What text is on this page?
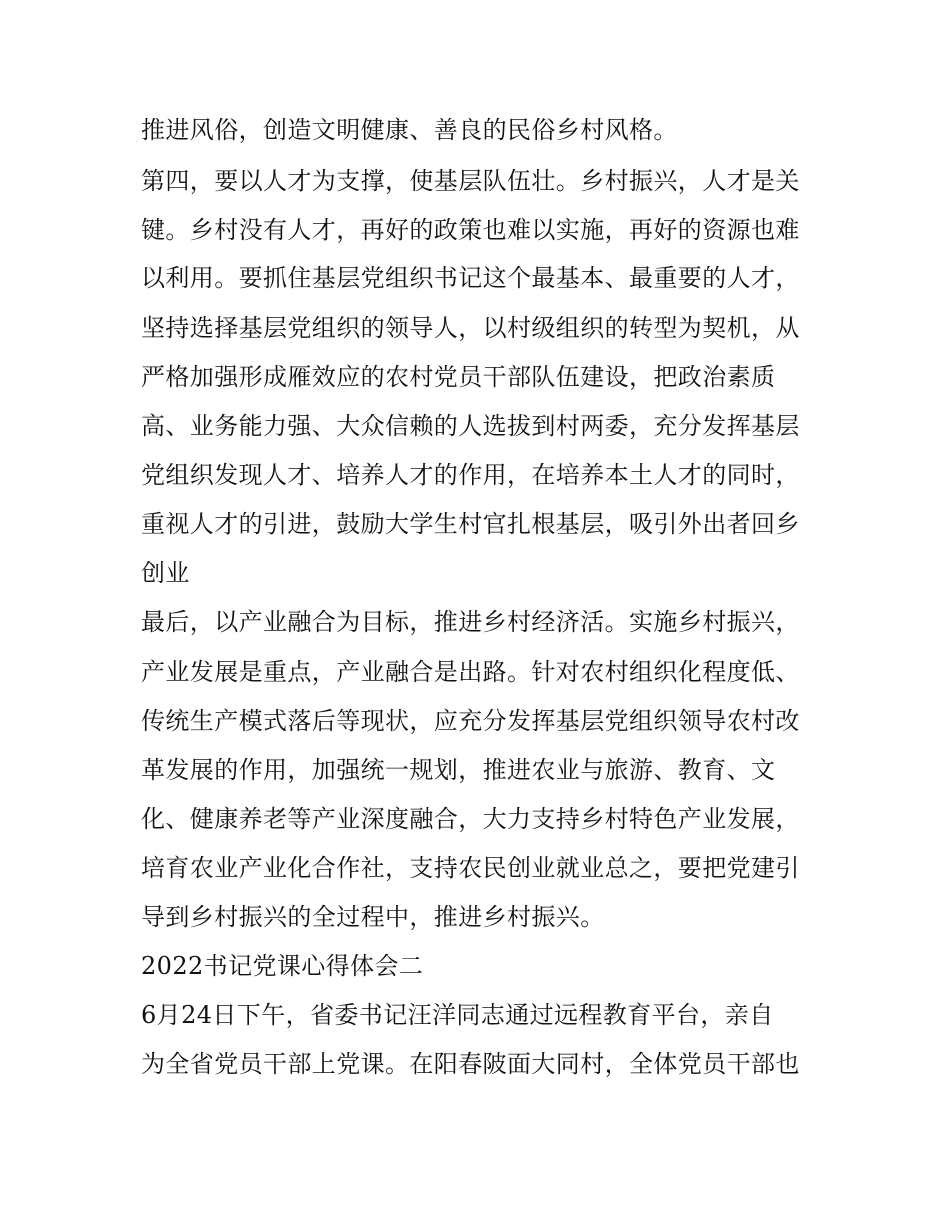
推进风俗，创造文明健康、善良的民俗乡村风格。

第四，要以人才为支撑，使基层队伍壮。乡村振兴，人才是关

键。乡村没有人才，再好的政策也难以实施，再好的资源也难

以利用。要抓住基层党组织书记这个最基本、最重要的人才，

坚持选择基层党组织的领导人，以村级组织的转型为契机，从

严格加强形成雁效应的农村党员干部队伍建设，把政治素质

高、业务能力强、大众信赖的人选拔到村两委，充分发挥基层

党组织发现人才、培养人才的作用，在培养本土人才的同时，

重视人才的引进，鼓励大学生村官扎根基层，吸引外出者回乡

创业

最后，以产业融合为目标，推进乡村经济活。实施乡村振兴，

产业发展是重点，产业融合是出路。针对农村组织化程度低、

传统生产模式落后等现状，应充分发挥基层党组织领导农村改

革发展的作用，加强统一规划，推进农业与旅游、教育、文

化、健康养老等产业深度融合，大力支持乡村特色产业发展，

培育农业产业化合作社，支持农民创业就业总之，要把党建引

导到乡村振兴的全过程中，推进乡村振兴。

2022书记党课心得体会二

6月24日下午，省委书记汪洋同志通过远程教育平台，亲自

为全省党员干部上党课。在阳春陂面大同村，全体党员干部也
